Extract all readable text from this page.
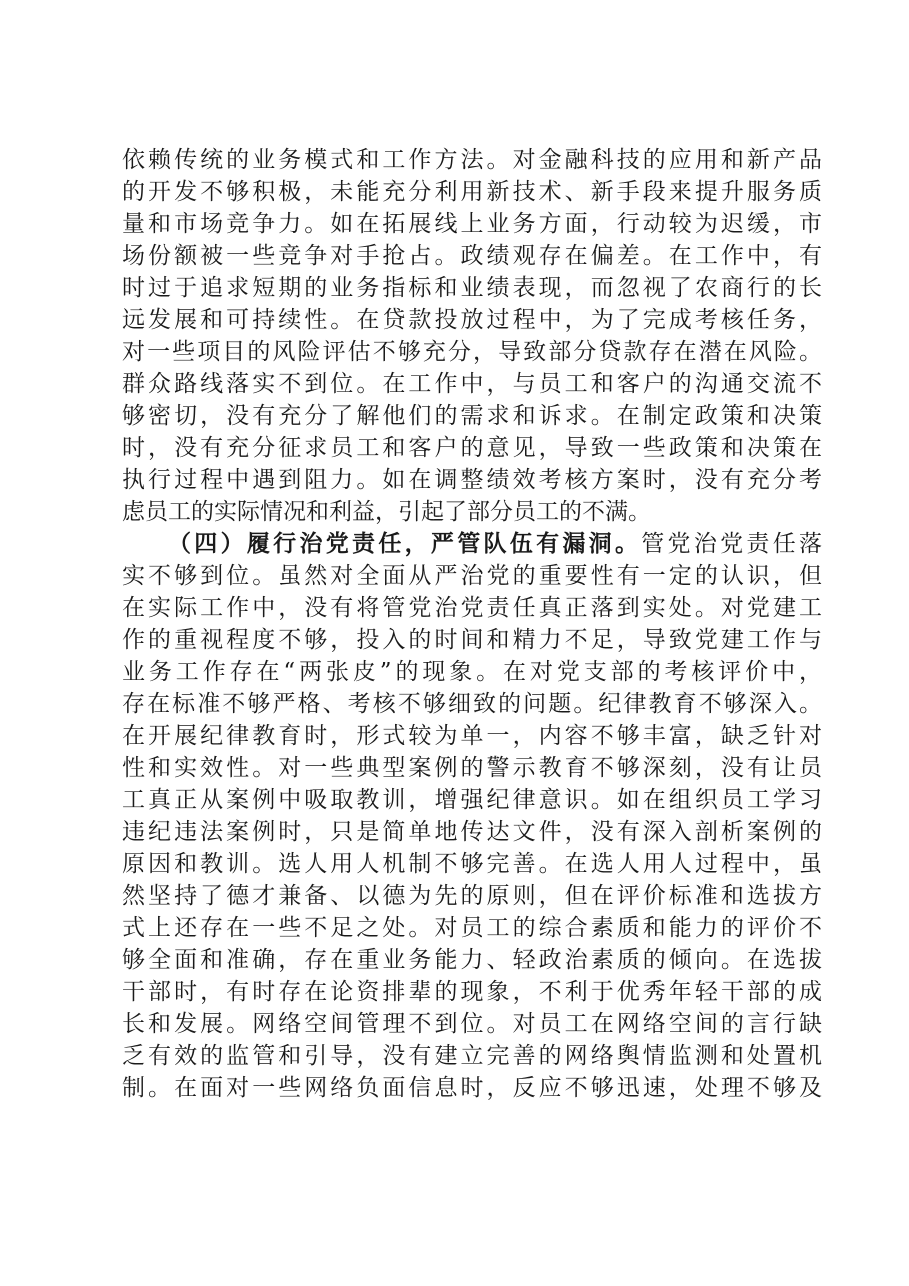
依赖传统的业务模式和工作方法。对金融科技的应用和新产品
的开发不够积极，未能充分利用新技术、新手段来提升服务质
量和市场竞争力。如在拓展线上业务方面，行动较为迟缓，市
场份额被一些竞争对手抢占。政绩观存在偏差。在工作中，有
时过于追求短期的业务指标和业绩表现，而忽视了农商行的长
远发展和可持续性。在贷款投放过程中，为了完成考核任务，
对一些项目的风险评估不够充分，导致部分贷款存在潜在风险。
群众路线落实不到位。在工作中，与员工和客户的沟通交流不
够密切，没有充分了解他们的需求和诉求。在制定政策和决策
时，没有充分征求员工和客户的意见，导致一些政策和决策在
执行过程中遇到阻力。如在调整绩效考核方案时，没有充分考
虑员工的实际情况和利益，引起了部分员工的不满。
（四）履行治党责任，严管队伍有漏洞。管党治党责任落
实不够到位。虽然对全面从严治党的重要性有一定的认识，但
在实际工作中，没有将管党治党责任真正落到实处。对党建工
作的重视程度不够，投入的时间和精力不足，导致党建工作与
业务工作存在“两张皮”的现象。在对党支部的考核评价中，
存在标准不够严格、考核不够细致的问题。纪律教育不够深入。
在开展纪律教育时，形式较为单一，内容不够丰富，缺乏针对
性和实效性。对一些典型案例的警示教育不够深刻，没有让员
工真正从案例中吸取教训，增强纪律意识。如在组织员工学习
违纪违法案例时，只是简单地传达文件，没有深入剖析案例的
原因和教训。选人用人机制不够完善。在选人用人过程中，虽
然坚持了德才兼备、以德为先的原则，但在评价标准和选拔方
式上还存在一些不足之处。对员工的综合素质和能力的评价不
够全面和准确，存在重业务能力、轻政治素质的倾向。在选拔
干部时，有时存在论资排辈的现象，不利于优秀年轻干部的成
长和发展。网络空间管理不到位。对员工在网络空间的言行缺
乏有效的监管和引导，没有建立完善的网络舆情监测和处置机
制。在面对一些网络负面信息时，反应不够迅速，处理不够及
